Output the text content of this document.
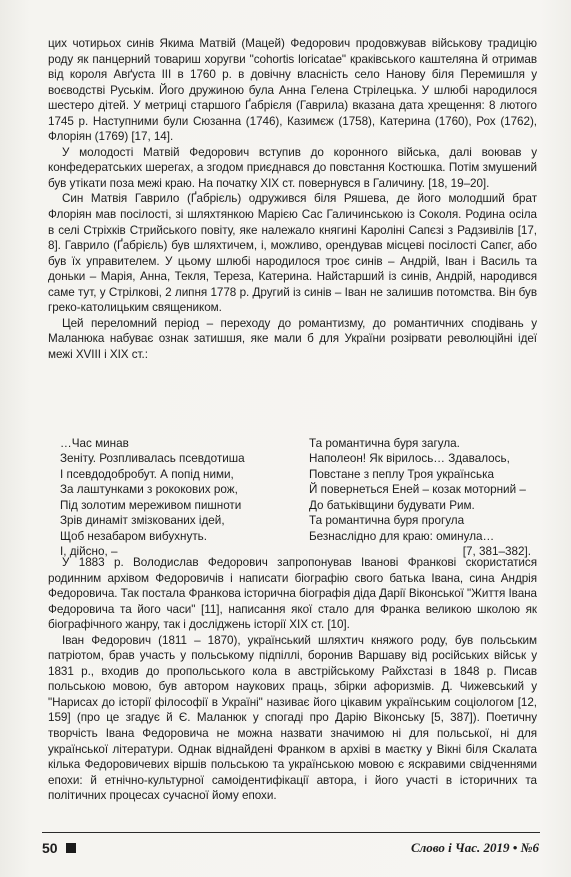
цих чотирьох синів Якима Матвій (Мацей) Федорович продовжував військову традицію роду як панцерний товариш хоругви "cohortis loricatae" краківського каштеляна й отримав від короля Авґуста III в 1760 р. в довічну власність село Нанову біля Перемишля у воєводстві Руськім. Його дружиною була Анна Гелена Стрілецька. У шлюбі народилося шестеро дітей. У метриці старшого Ґабрієля (Гаврила) вказана дата хрещення: 8 лютого 1745 р. Наступними були Сюзанна (1746), Казимєж (1758), Катерина (1760), Рох (1762), Флоріян (1769) [17, 14].

У молодості Матвій Федорович вступив до коронного війська, далі воював у конфедератських шерегах, а згодом приєднався до повстання Костюшка. Потім змушений був утікати поза межі краю. На початку XIX ст. повернувся в Галичину. [18, 19–20].

Син Матвія Гаврило (Ґабрієль) одружився біля Ряшева, де його молодший брат Флоріян мав посілості, зі шляхтянкою Марією Сас Галичинською із Соколя. Родина осіла в селі Стріхків Стрийського повіту, яке належало княгині Кароліні Сапєзі з Радзивілів [17, 8]. Гаврило (Ґабрієль) був шляхтичем, і, можливо, орендував місцеві посілості Сапєг, або був їх управителем. У цьому шлюбі народилося троє синів – Андрій, Іван і Василь та доньки – Марія, Анна, Текля, Тереза, Катерина. Найстарший із синів, Андрій, народився саме тут, у Стрілкові, 2 липня 1778 р. Другий із синів – Іван не залишив потомства. Він був греко-католицьким священиком.

Цей переломний період – переходу до романтизму, до романтичних сподівань у Маланюка набуває ознак затишшя, яке мали б для України розірвати революційні ідеї межі XVIII і XIX ст.:

…Час минав
Зеніту. Розпливалась псевдотиша
І псевдодобробут. А попід ними,
За лаштунками з рококових рож,
Під золотим мереживом пишноти
Зрів динаміт змізкованих ідей,
Щоб незабаром вибухнуть.
І, дійсно, –
Та романтична буря загула.
Наполеон! Як вірилось… Здавалось,
Повстане з пеплу Троя українська
Й повернеться Еней – козак моторний –
До батьківщини будувати Рим.
Та романтична буря прогула
Безнаслідно для краю: оминула…
[7, 381–382].

У 1883 р. Володислав Федорович запропонував Іванові Франкові скористатися родинним архівом Федоровичів і написати біографію свого батька Івана, сина Андрія Федоровича. Так постала Франкова історична біографія діда Дарії Віконської "Життя Івана Федоровича та його часи" [11], написання якої стало для Франка великою школою як біографічного жанру, так і досліджень історії XIX ст. [10].

Іван Федорович (1811 – 1870), український шляхтич княжого роду, був польським патріотом, брав участь у польському підпіллі, боронив Варшаву від російських військ у 1831 р., входив до пропольського кола в австрійському Райхстазі в 1848 р. Писав польською мовою, був автором наукових праць, збірки афоризмів. Д. Чижевський у "Нарисах до історії філософії в Україні" називає його цікавим українським соціологом [12, 159] (про це згадує й Є. Маланюк у спогаді про Дарію Віконську [5, 387]). Поетичну творчість Івана Федоровича не можна назвати значимою ні для польської, ні для української літератури. Однак віднайдені Франком в архіві в маєтку у Вікні біля Скалата кілька Федоровичевих віршів польською та українською мовою є яскравими свідченнями епохи: й етнічно-культурної самоідентифікації автора, і його участі в історичних та політичних процесах сучасної йому епохи.

50	Слово і Час. 2019 • №6
